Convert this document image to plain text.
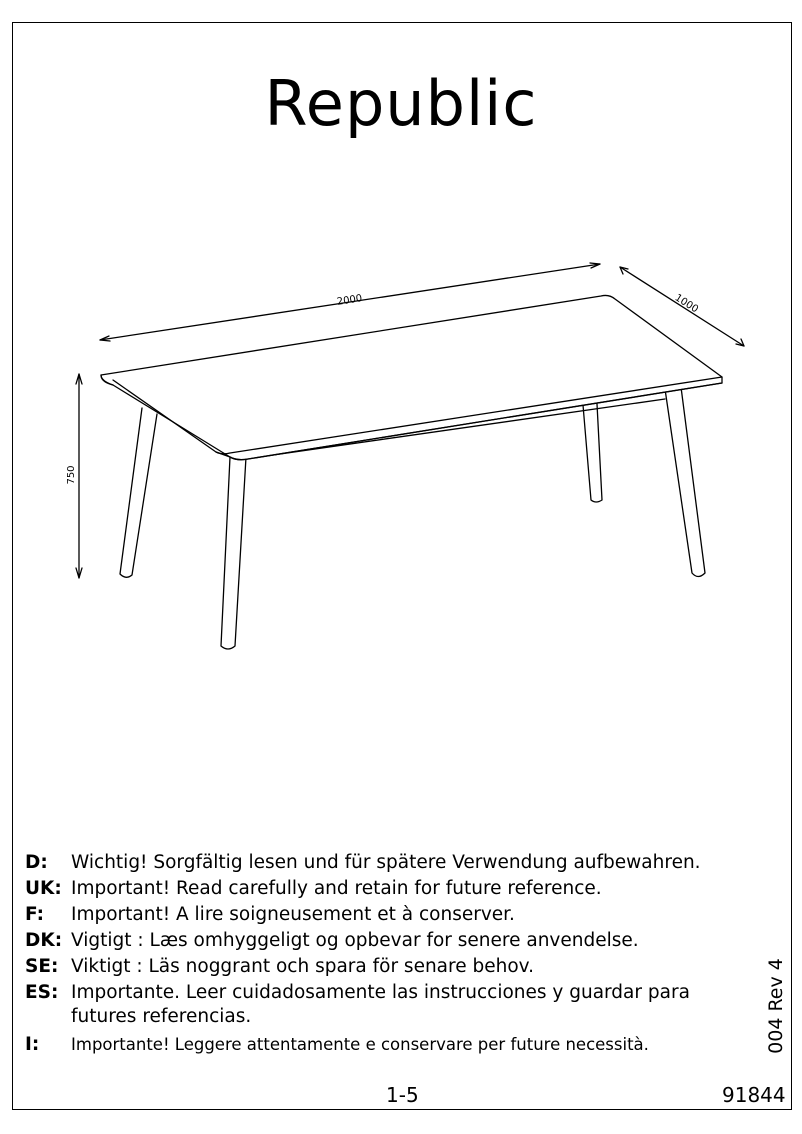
Republic
2000	1000
750
D: Wichtig! Sorgfältig lesen und für spätere Verwendung aufbewahren.
UK: Important! Read carefully and retain for future reference.
F: Important! A lire soigneusement et à conserver.
DK: Vigtigt : Læs omhyggeligt og opbevar for senere anvendelse.
SE: Viktigt : Läs noggrant och spara för senare behov.
ES: Importante. Leer cuidadosamente las instrucciones y guardar para futures referencias.
I: Importante! Leggere attentamente e conservare per future necessità.	004 Rev 4
1-5	91844
